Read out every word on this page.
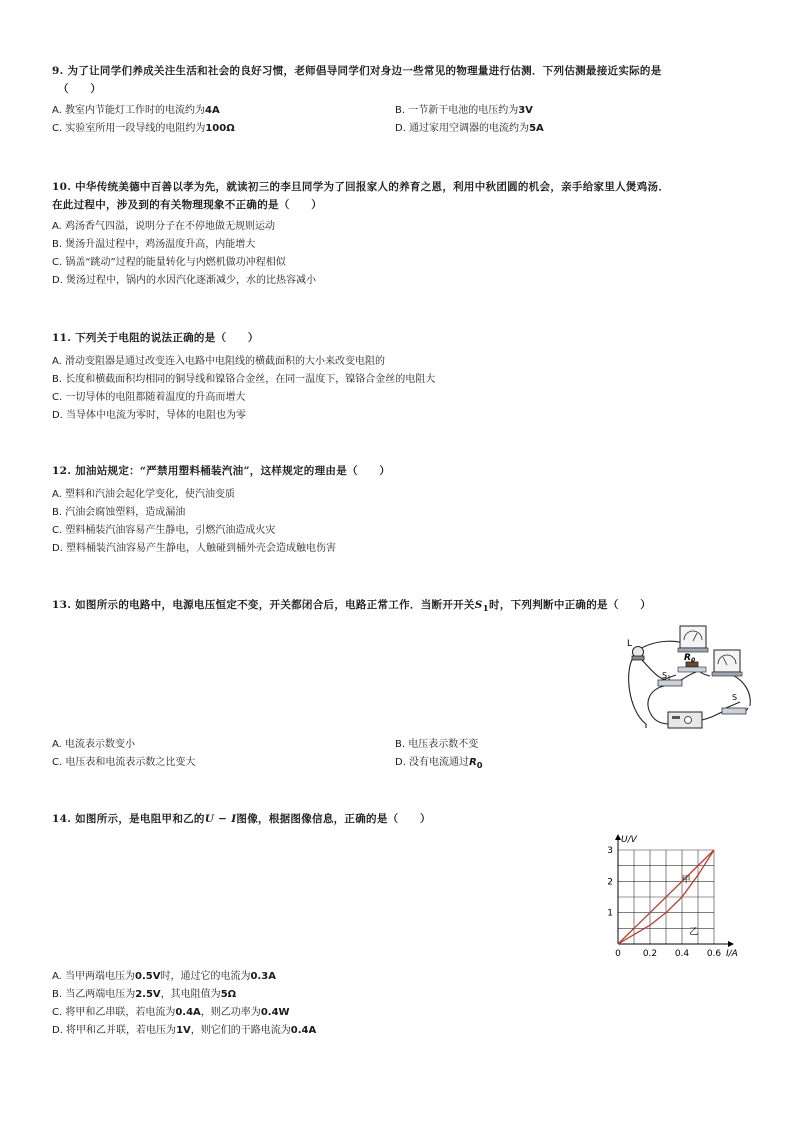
9. 为了让同学们养成关注生活和社会的良好习惯，老师倡导同学们对身边一些常见的物理量进行估测．下列估测最接近实际的是
（　　）
A. 教室内节能灯工作时的电流约为4A	B. 一节新干电池的电压约为3V
C. 实验室所用一段导线的电阻约为100Ω	D. 通过家用空调器的电流约为5A
10. 中华传统美德中百善以孝为先，就读初三的李旦同学为了回报家人的养育之恩，利用中秋团圆的机会，亲手给家里人煲鸡汤．
在此过程中，涉及到的有关物理现象不正确的是（　　）
A. 鸡汤香气四溢，说明分子在不停地做无规则运动
B. 煲汤升温过程中，鸡汤温度升高，内能增大
C. 锅盖“跳动”过程的能量转化与内燃机做功冲程相似
D. 煲汤过程中，锅内的水因汽化逐渐减少，水的比热容减小
11. 下列关于电阻的说法正确的是（　　）
A. 滑动变阻器是通过改变连入电路中电阻线的横截面积的大小来改变电阻的
B. 长度和横截面积均相同的铜导线和镍铬合金丝，在同一温度下，镍铬合金丝的电阻大
C. 一切导体的电阻都随着温度的升高而增大
D. 当导体中电流为零时，导体的电阻也为零
12. 加油站规定：“严禁用塑料桶装汽油”，这样规定的理由是（　　）
A. 塑料和汽油会起化学变化，使汽油变质
B. 汽油会腐蚀塑料，造成漏油
C. 塑料桶装汽油容易产生静电，引燃汽油造成火灾
D. 塑料桶装汽油容易产生静电，人触碰到桶外壳会造成触电伤害
13. 如图所示的电路中，电源电压恒定不变，开关都闭合后，电路正常工作．当断开开关$S_1$时，下列判断中正确的是（　　）
L
$R_0$
$S_1$
S
A. 电流表示数变小	B. 电压表示数不变
C. 电压表和电流表示数之比变大	D. 没有电流通过$R_0$
14. 如图所示，是电阻甲和乙的U − I图像，根据图像信息，正确的是（　　）
0 0.2 0.4 0.6
1
2
3
甲
乙
I/A
U/V
A. 当甲两端电压为0.5V时，通过它的电流为0.3A
B. 当乙两端电压为2.5V，其电阻值为5Ω
C. 将甲和乙串联，若电流为0.4A，则乙功率为0.4W
D. 将甲和乙并联，若电压为1V，则它们的干路电流为0.4A
